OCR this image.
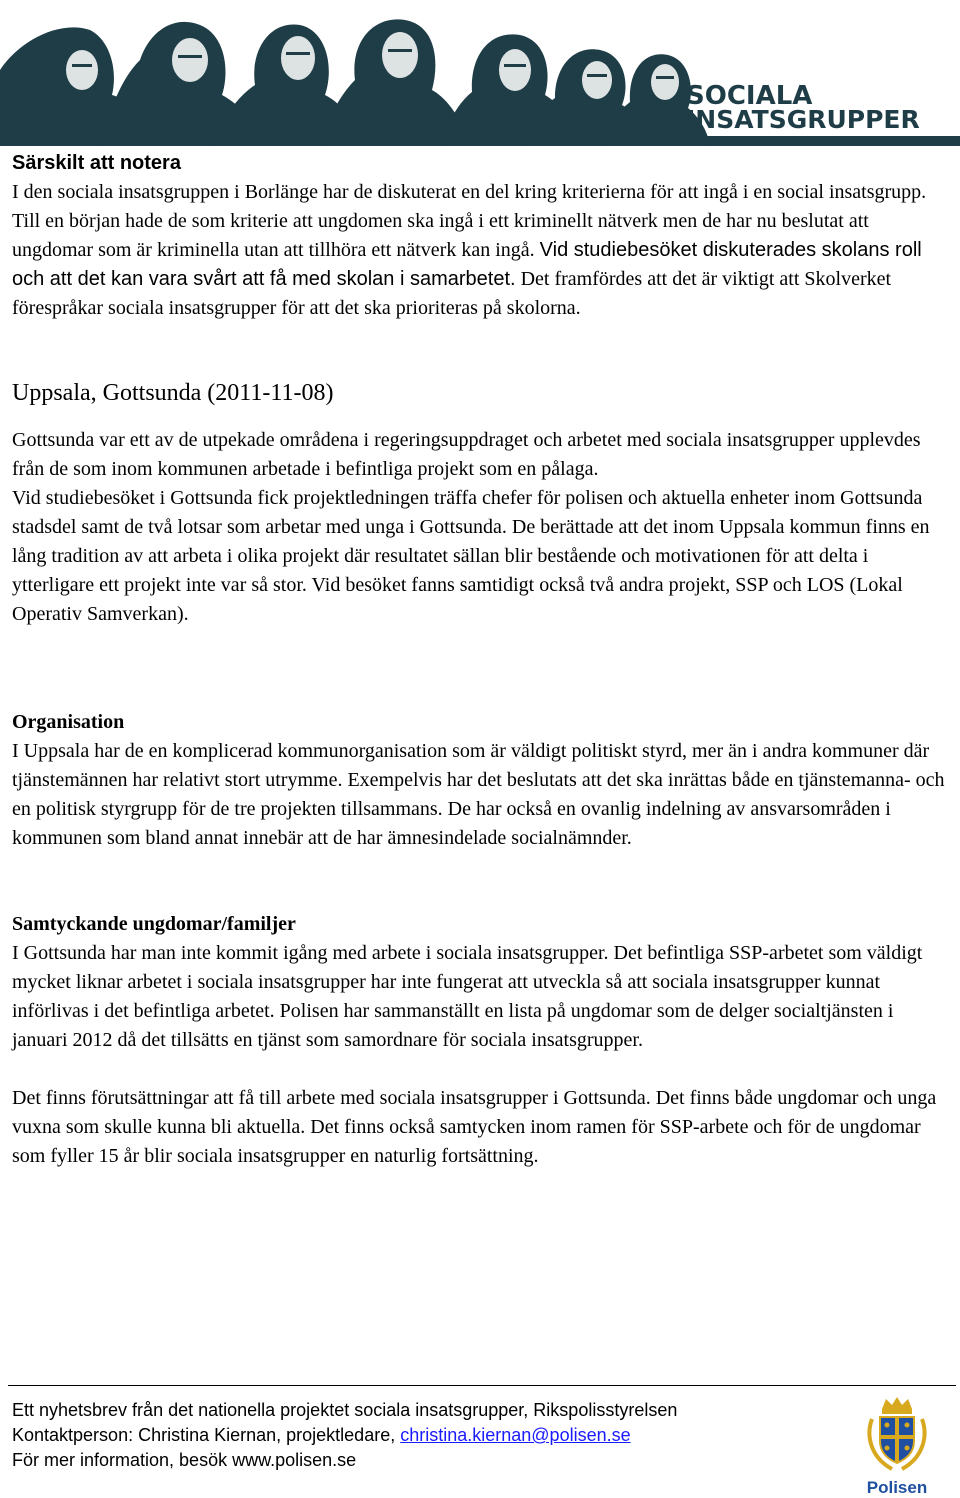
SOCIALA
INSATSGRUPPER
Särskilt att notera

I den sociala insatsgruppen i Borlänge har de diskuterat en del kring kriterierna för att ingå i en social insatsgrupp. Till en början hade de som kriterie att ungdomen ska ingå i ett kriminellt nätverk men de har nu beslutat att ungdomar som är kriminella utan att tillhöra ett nätverk kan ingå. Vid studiebesöket diskuterades skolans roll och att det kan vara svårt att få med skolan i samarbetet. Det framfördes att det är viktigt att Skolverket förespråkar sociala insatsgrupper för att det ska prioriteras på skolorna.

Uppsala, Gottsunda (2011-11-08)

Gottsunda var ett av de utpekade områdena i regeringsuppdraget och arbetet med sociala insatsgrupper upplevdes från de som inom kommunen arbetade i befintliga projekt som en pålaga.

Vid studiebesöket i Gottsunda fick projektledningen träffa chefer för polisen och aktuella enheter inom Gottsunda stadsdel samt de två lotsar som arbetar med unga i Gottsunda. De berättade att det inom Uppsala kommun finns en lång tradition av att arbeta i olika projekt där resultatet sällan blir bestående och motivationen för att delta i ytterligare ett projekt inte var så stor. Vid besöket fanns samtidigt också två andra projekt, SSP och LOS (Lokal Operativ Samverkan).

Organisation

I Uppsala har de en komplicerad kommunorganisation som är väldigt politiskt styrd, mer än i andra kommuner där tjänstemännen har relativt stort utrymme. Exempelvis har det beslutats att det ska inrättas både en tjänstemanna- och en politisk styrgrupp för de tre projekten tillsammans. De har också en ovanlig indelning av ansvarsområden i kommunen som bland annat innebär att de har ämnesindelade socialnämnder.

Samtyckande ungdomar/familjer

I Gottsunda har man inte kommit igång med arbete i sociala insatsgrupper. Det befintliga SSP-arbetet som väldigt mycket liknar arbetet i sociala insatsgrupper har inte fungerat att utveckla så att sociala insatsgrupper kunnat införlivas i det befintliga arbetet. Polisen har sammanställt en lista på ungdomar som de delger socialtjänsten i januari 2012 då det tillsätts en tjänst som samordnare för sociala insatsgrupper.

Det finns förutsättningar att få till arbete med sociala insatsgrupper i Gottsunda. Det finns både ungdomar och unga vuxna som skulle kunna bli aktuella. Det finns också samtycken inom ramen för SSP-arbete och för de ungdomar som fyller 15 år blir sociala insatsgrupper en naturlig fortsättning.

Ett nyhetsbrev från det nationella projektet sociala insatsgrupper, Rikspolisstyrelsen
Kontaktperson: Christina Kiernan, projektledare, christina.kiernan@polisen.se
För mer information, besök www.polisen.se
Polisen
